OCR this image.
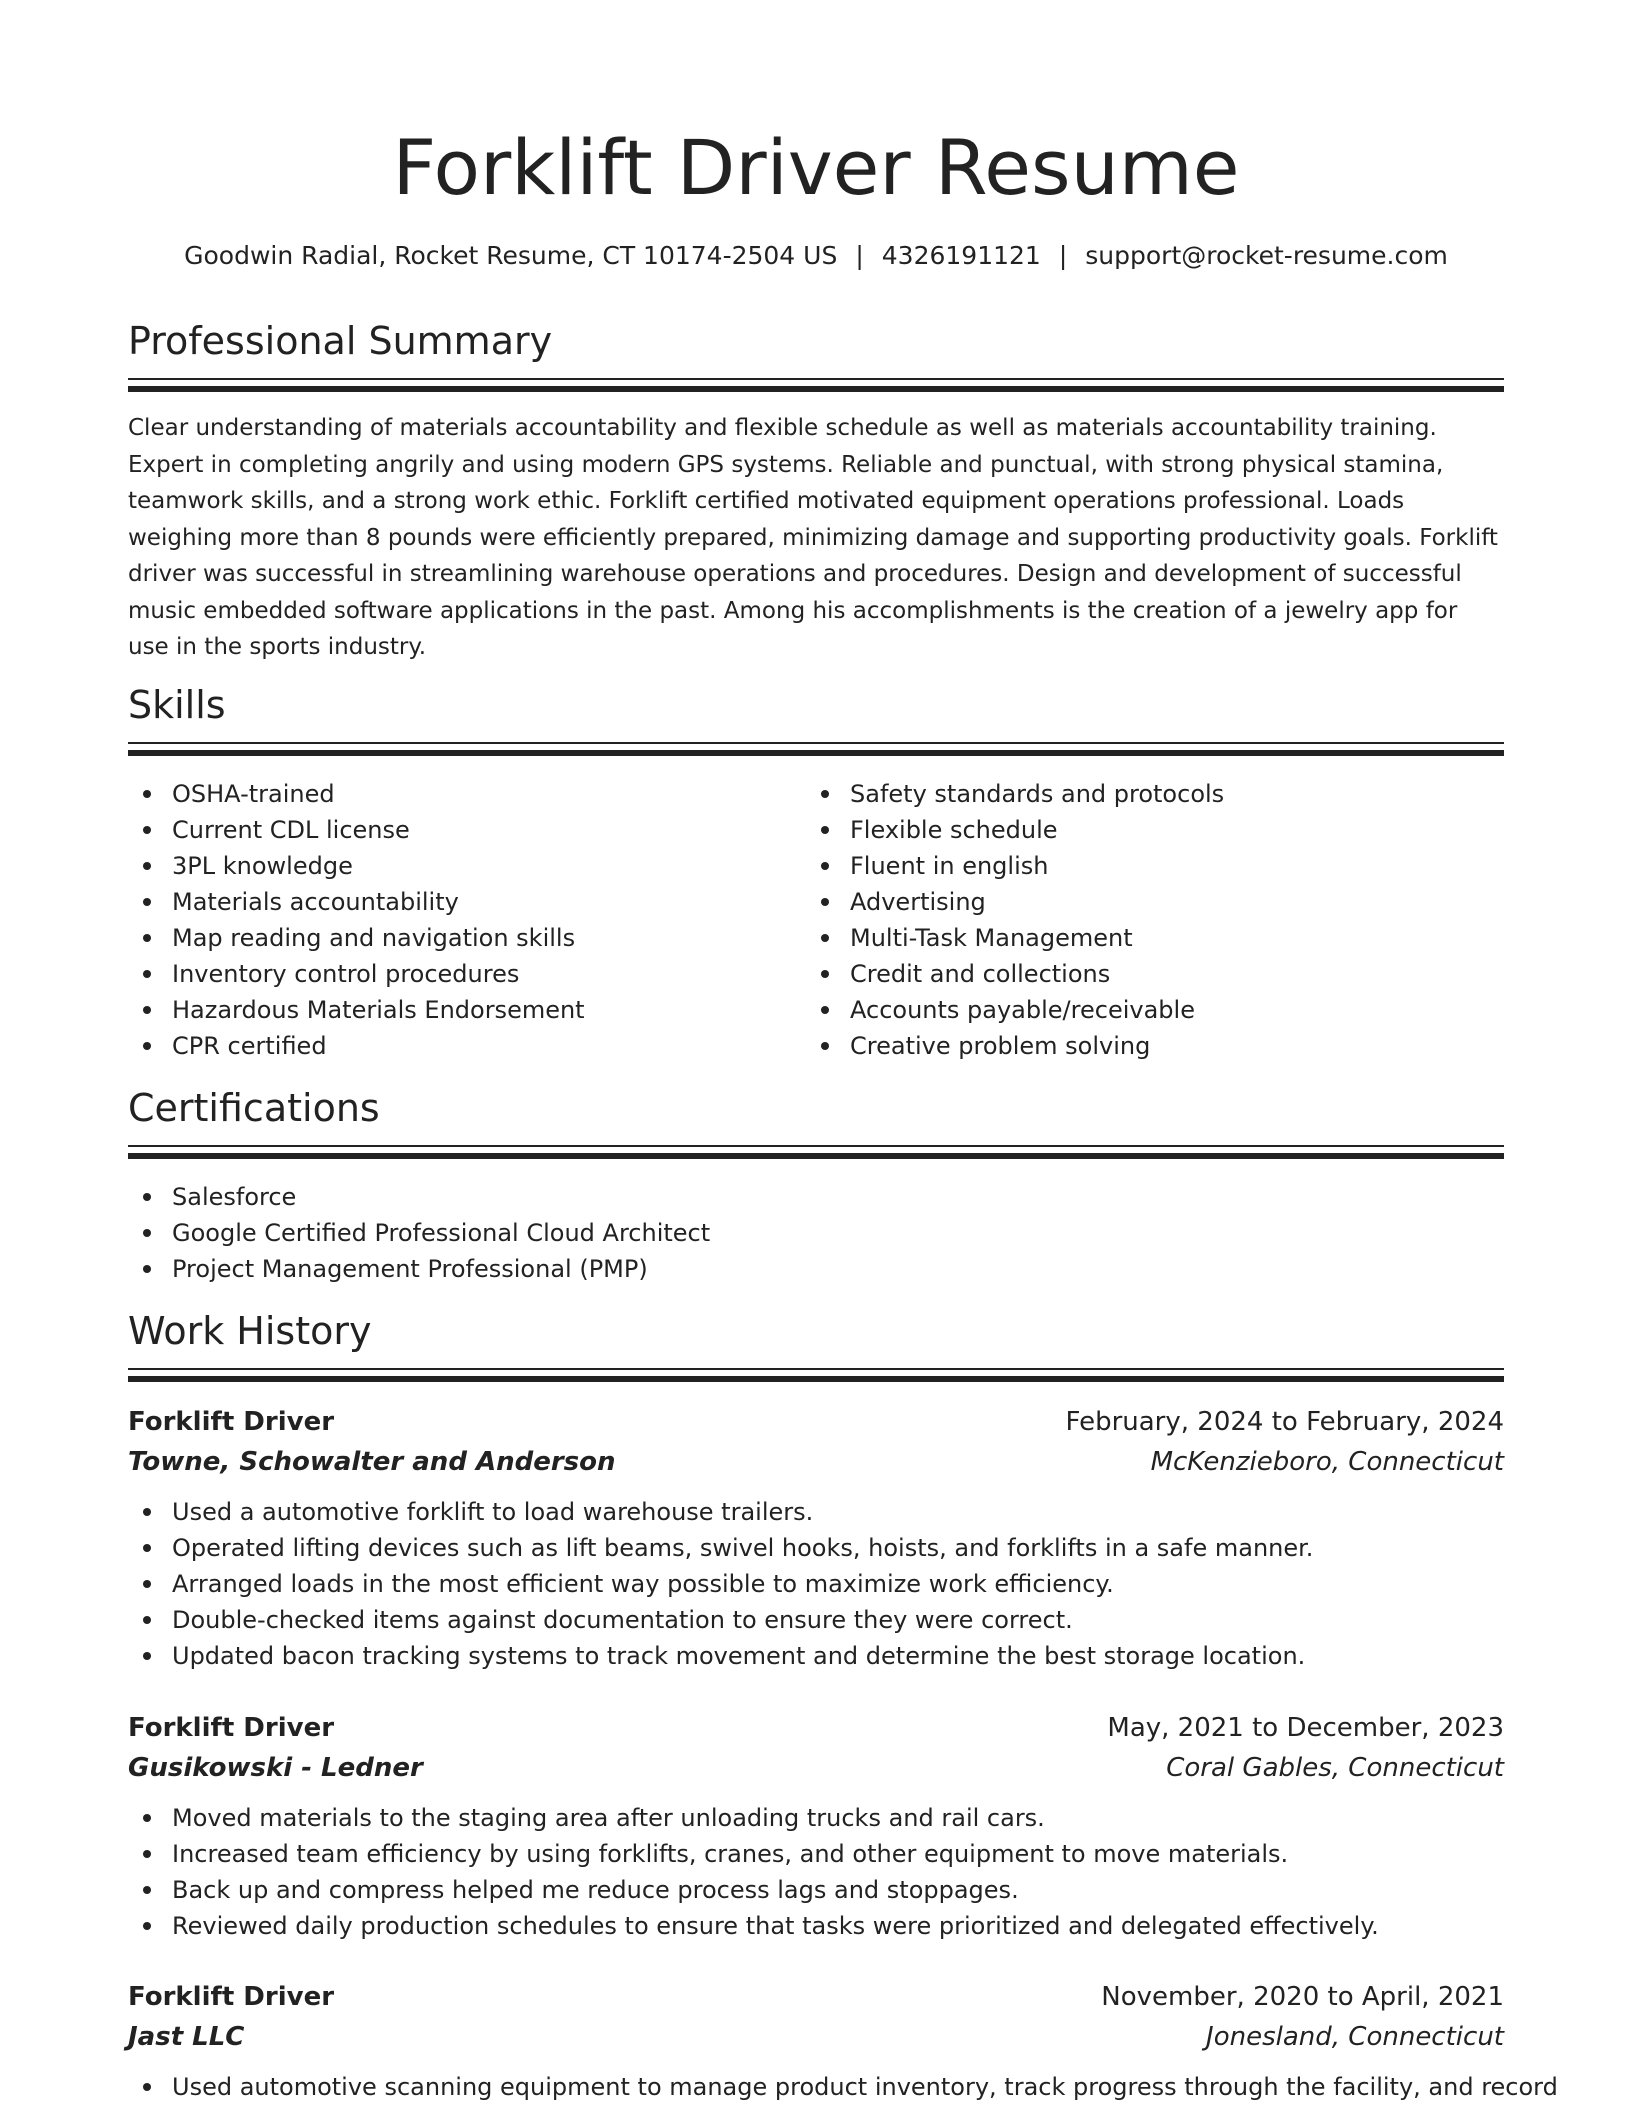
Forklift Driver Resume
Goodwin Radial, Rocket Resume, CT 10174-2504 US | 4326191121 | support@rocket-resume.com
Professional Summary
Clear understanding of materials accountability and flexible schedule as well as materials accountability training. Expert in completing angrily and using modern GPS systems. Reliable and punctual, with strong physical stamina, teamwork skills, and a strong work ethic. Forklift certified motivated equipment operations professional. Loads weighing more than 8 pounds were efficiently prepared, minimizing damage and supporting productivity goals. Forklift driver was successful in streamlining warehouse operations and procedures. Design and development of successful music embedded software applications in the past. Among his accomplishments is the creation of a jewelry app for use in the sports industry.
Skills
OSHA-trained
Current CDL license
3PL knowledge
Materials accountability
Map reading and navigation skills
Inventory control procedures
Hazardous Materials Endorsement
CPR certified
Safety standards and protocols
Flexible schedule
Fluent in english
Advertising
Multi-Task Management
Credit and collections
Accounts payable/receivable
Creative problem solving
Certifications
Salesforce
Google Certified Professional Cloud Architect
Project Management Professional (PMP)
Work History
Forklift Driver	February, 2024 to February, 2024
Towne, Schowalter and Anderson	McKenzieboro, Connecticut
Used a automotive forklift to load warehouse trailers.
Operated lifting devices such as lift beams, swivel hooks, hoists, and forklifts in a safe manner.
Arranged loads in the most efficient way possible to maximize work efficiency.
Double-checked items against documentation to ensure they were correct.
Updated bacon tracking systems to track movement and determine the best storage location.
Forklift Driver	May, 2021 to December, 2023
Gusikowski - Ledner	Coral Gables, Connecticut
Moved materials to the staging area after unloading trucks and rail cars.
Increased team efficiency by using forklifts, cranes, and other equipment to move materials.
Back up and compress helped me reduce process lags and stoppages.
Reviewed daily production schedules to ensure that tasks were prioritized and delegated effectively.
Forklift Driver	November, 2020 to April, 2021
Jast LLC	Jonesland, Connecticut
Used automotive scanning equipment to manage product inventory, track progress through the facility, and record
